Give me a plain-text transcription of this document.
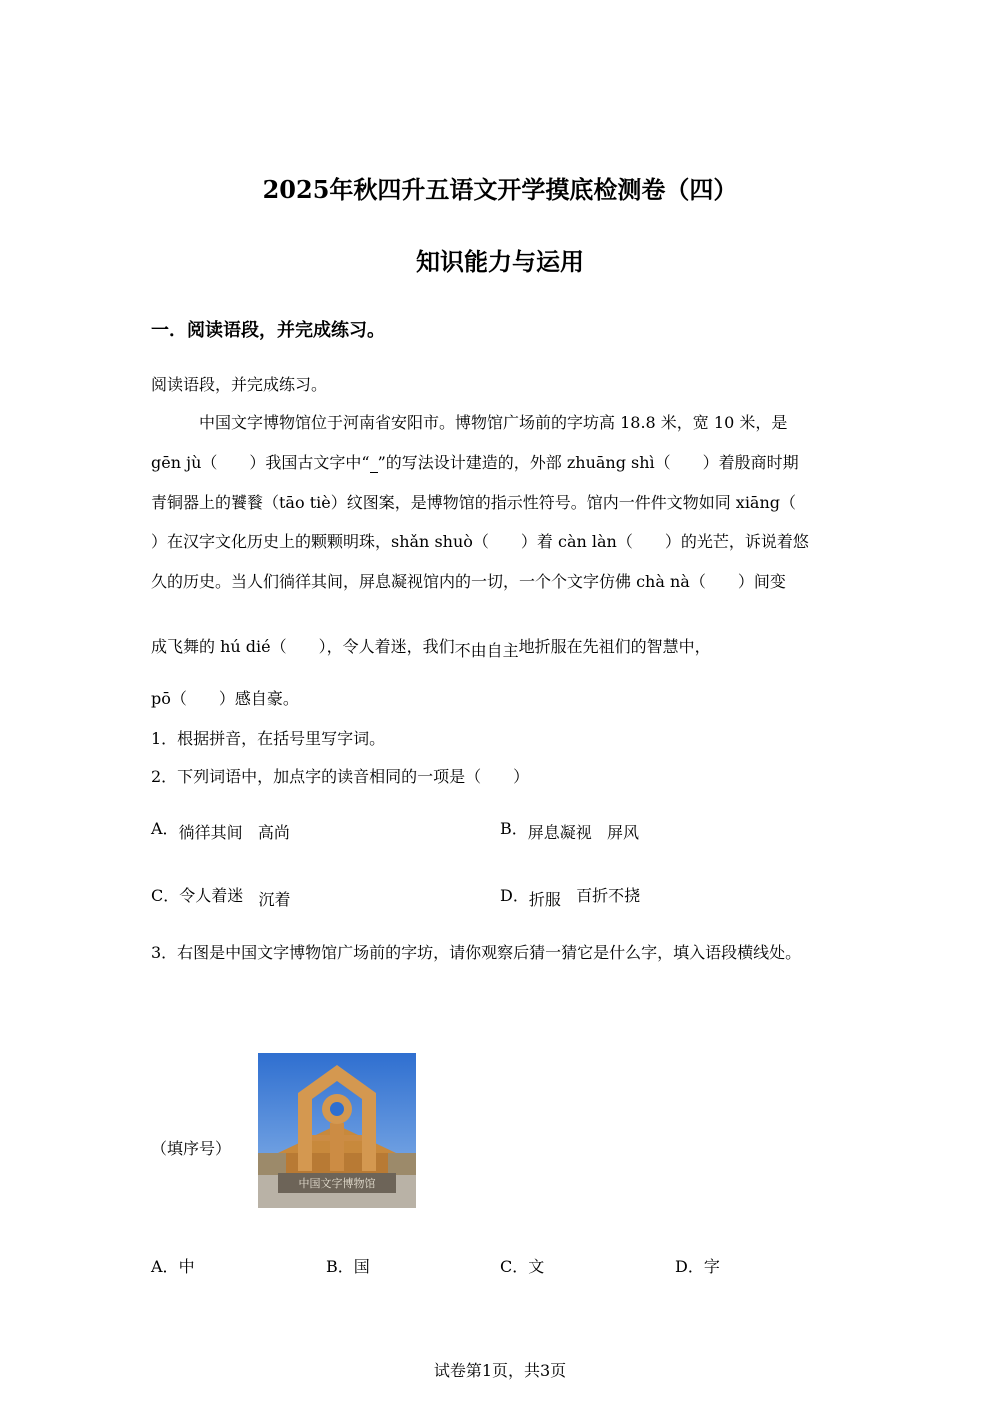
2025年秋四升五语文开学摸底检测卷（四）
知识能力与运用
一．阅读语段，并完成练习。
阅读语段，并完成练习。
中国文字博物馆位于河南省安阳市。博物馆广场前的字坊高 18.8 米，宽 10 米，是
gēn jù（　　）我国古文字中“ ”的写法设计建造的，外部 zhuāng shì（　　）着殷商时期
青铜器上的饕餮（tāo tiè）纹图案，是博物馆的指示性符号。馆内一件件文物如同 xiāng（
）在汉字文化历史上的颗颗明珠，shǎn shuò（　　）着 càn làn（　　）的光芒，诉说着悠
久的历史。当人们徜徉其间，屏息凝视馆内的一切，一个个文字仿佛 chà nà（　　）间变
成飞舞的 hú dié（　　），令人着迷，我们不由自主地折服在先祖们的智慧中，
pō（　　）感自豪。
1．根据拼音，在括号里写字词。
2．下列词语中，加点字的读音相同的一项是（　　）
A．徜徉其间 高尚	B．屏息凝视 屏风
C．令人着迷 沉着	D．折服 百折不挠
3．右图是中国文字博物馆广场前的字坊，请你观察后猜一猜它是什么字，填入语段横线处。
（填序号）
中国文字博物馆
A．中	B．国	C．文	D．字
试卷第1页，共3页
